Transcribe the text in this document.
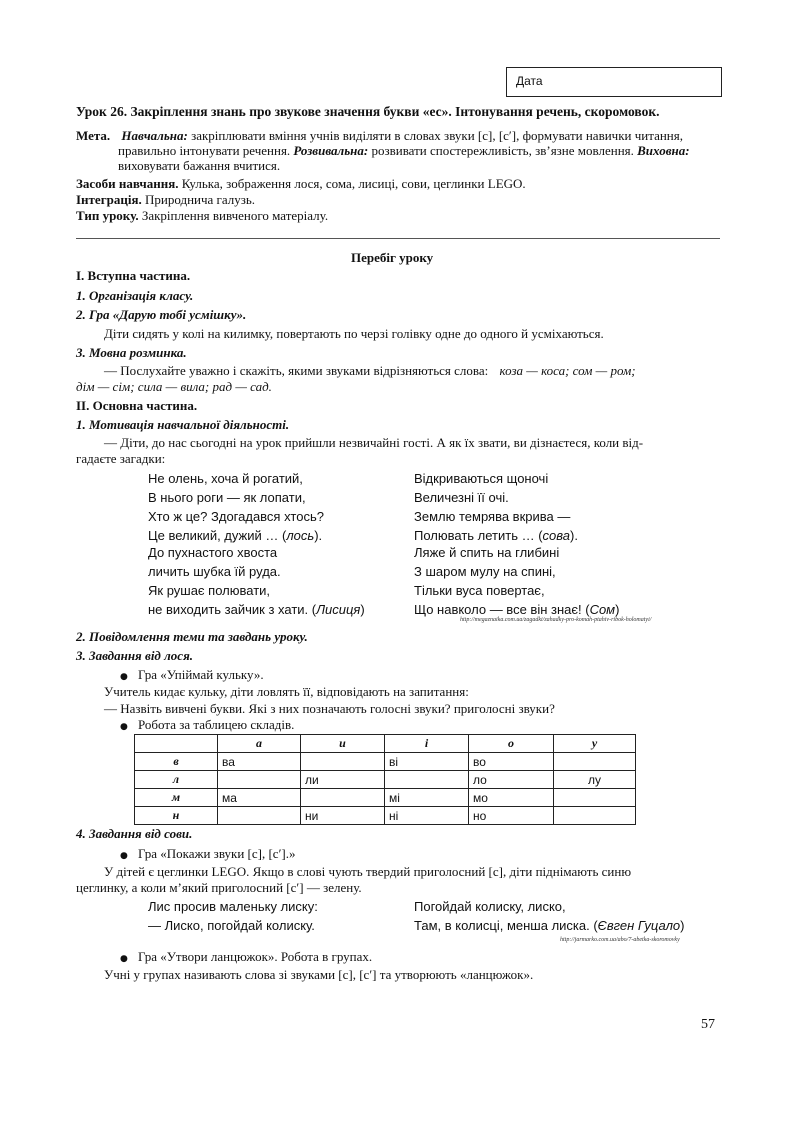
Дата
Урок 26. Закріплення знань про звукове значення букви «ес». Інтонування речень, скоромовок.
Мета. Навчальна: закріплювати вміння учнів виділяти в словах звуки [с], [с′], формувати навички читання,
правильно інтонувати речення. Розвивальна: розвивати спостережливість, зв’язне мовлення. Виховна:
виховувати бажання вчитися.
Засоби навчання. Кулька, зображення лося, сома, лисиці, сови, цеглинки LEGO.
Інтеграція. Природнича галузь.
Тип уроку. Закріплення вивченого матеріалу.
Перебіг уроку
I. Вступна частина.
1. Організація класу.
2. Гра «Дарую тобі усмішку».
Діти сидять у колі на килимку, повертають по черзі голівку одне до одного й усміхаються.
3. Мовна розминка.
— Послухайте уважно і скажіть, якими звуками відрізняються слова: коза — коса; сом — ром;
дім — сім; сила — вила; рад — сад.
II. Основна частина.
1. Мотивація навчальної діяльності.
— Діти, до нас сьогодні на урок прийшли незвичайні гості. А як їх звати, ви дізнаєтеся, коли від-
гадаєте загадки:
Не олень, хоча й рогатий,
В нього роги — як лопати,
Хто ж це? Здогадався хтось?
Це великий, дужий … (лось).
Відкриваються щоночі
Величезні її очі.
Землю темрява вкрива —
Полювать летить … (сова).
До пухнастого хвоста
личить шубка їй руда.
Як рушає полювати,
не виходить зайчик з хати. (Лисиця)
Ляже й спить на глибині
З шаром мулу на спині,
Тільки вуса повертає,
Що навколо — все він знає! (Сом)
http://megaznaika.com.ua/zagadki/zahadky-pro-komah-ptahiv-ribok-holomatyi/
2. Повідомлення теми та завдань уроку.
3. Завдання від лося.
● Гра «Упіймай кульку».
Учитель кидає кульку, діти ловлять її, відповідають на запитання:
— Назвіть вивчені букви. Які з них позначають голосні звуки? приголосні звуки?
● Робота за таблицею складів.
	а	и	і	о	у
в	ва		ві	во	
л		ли		ло	лу
м	ма		мі	мо	
н		ни	ні	но	
4. Завдання від сови.
● Гра «Покажи звуки [с], [с′].»
У дітей є цеглинки LEGO. Якщо в слові чують твердий приголосний [с], діти піднімають синю
цеглинку, а коли м’який приголосний [с′] — зелену.
Лис просив маленьку лиску:
— Лиско, погойдай колиску.
Погойдай колиску, лиско,
Там, в колисці, менша лиска. (Євген Гуцало)
http://jarmarko.com.ua/abo/7-abetka-skoromovky
● Гра «Утвори ланцюжок». Робота в групах.
Учні у групах називають слова зі звуками [с], [с′] та утворюють «ланцюжок».
57
